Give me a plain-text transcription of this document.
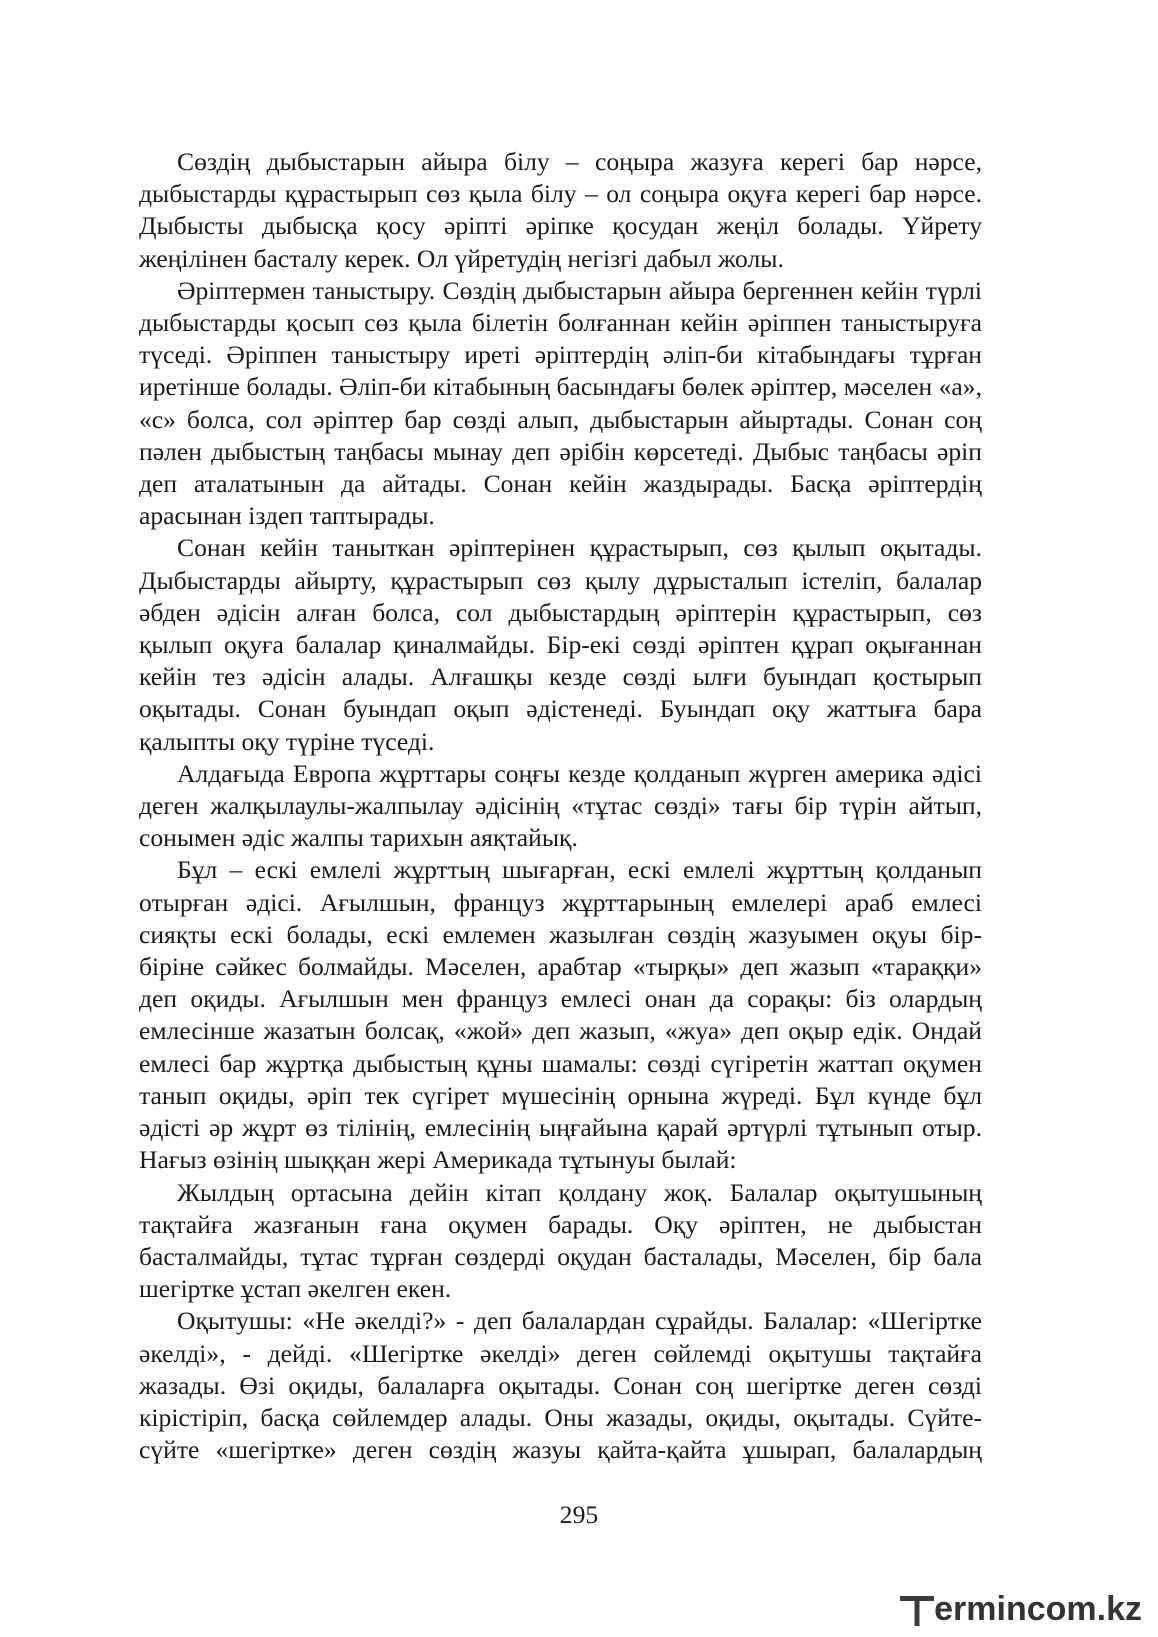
Сөздің дыбыстарын айыра білу – соңыра жазуға керегі бар нәрсе, дыбыстарды құрастырып сөз қыла білу – ол соңыра оқуға керегі бар нәрсе. Дыбысты дыбысқа қосу әріпті әріпке қосудан жеңіл болады. Үйрету жеңілінен басталу керек. Ол үйретудің негізгі дабыл жолы.

Әріптермен таныстыру. Сөздің дыбыстарын айыра бергеннен кейін түрлі дыбыстарды қосып сөз қыла білетін болғаннан кейін әріппен таныстыруға түседі. Әріппен таныстыру иреті әріптердің әліп-би кітабындағы тұрған иретінше болады. Әліп-би кітабының басындағы бөлек әріптер, мәселен «а», «с» болса, сол әріптер бар сөзді алып, дыбыстарын айыртады. Сонан соң пәлен дыбыстың таңбасы мынау деп әрібін көрсетеді. Дыбыс таңбасы әріп деп аталатынын да айтады. Сонан кейін жаздырады. Басқа әріптердің арасынан іздеп таптырады.

Сонан кейін таныткан әріптерінен құрастырып, сөз қылып оқытады. Дыбыстарды айырту, құрастырып сөз қылу дұрысталып істеліп, балалар әбден әдісін алған болса, сол дыбыстардың әріптерін құрастырып, сөз қылып оқуға балалар қиналмайды. Бір-екі сөзді әріптен құрап оқығаннан кейін тез әдісін алады. Алғашқы кезде сөзді ылғи буындап қостырып оқытады. Сонан буындап оқып әдістенеді. Буындап оқу жаттыға бара қалыпты оқу түріне түседі.

Алдағыда Европа жұрттары соңғы кезде қолданып жүрген америка әдісі деген жалқылаулы-жалпылау әдісінің «тұтас сөзді» тағы бір түрін айтып, сонымен әдіс жалпы тарихын аяқтайық.

Бұл – ескі емлелі жұрттың шығарған, ескі емлелі жұрттың қолданып отырған әдісі. Ағылшын, француз жұрттарының емлелері араб емлесі сияқты ескі болады, ескі емлемен жазылған сөздің жазуымен оқуы бір-біріне сәйкес болмайды. Мәселен, арабтар «тырқы» деп жазып «тараққи» деп оқиды. Ағылшын мен француз емлесі онан да сорақы: біз олардың емлесінше жазатын болсақ, «жой» деп жазып, «жуа» деп оқыр едік. Ондай емлесі бар жұртқа дыбыстың құны шамалы: сөзді сүгіретін жаттап оқумен танып оқиды, әріп тек сүгірет мүшесінің орнына жүреді. Бұл күнде бұл әдісті әр жұрт өз тілінің, емлесінің ыңғайына қарай әртүрлі тұтынып отыр. Нағыз өзінің шыққан жері Америкада тұтынуы былай:

Жылдың ортасына дейін кітап қолдану жоқ. Балалар оқытушының тақтайға жазғанын ғана оқумен барады. Оқу әріптен, не дыбыстан басталмайды, тұтас тұрған сөздерді оқудан басталады, Мәселен, бір бала шегіртке ұстап әкелген екен.

Оқытушы: «Не әкелді?» - деп балалардан сұрайды. Балалар: «Шегіртке әкелді», - дейді. «Шегіртке әкелді» деген сөйлемді оқытушы тақтайға жазады. Өзі оқиды, балаларға оқытады. Сонан соң шегіртке деген сөзді кірістіріп, басқа сөйлемдер алады. Оны жазады, оқиды, оқытады. Сүйте-сүйте «шегіртке» деген сөздің жазуы қайта-қайта ұшырап, балалардың

295
ermincom.kz
